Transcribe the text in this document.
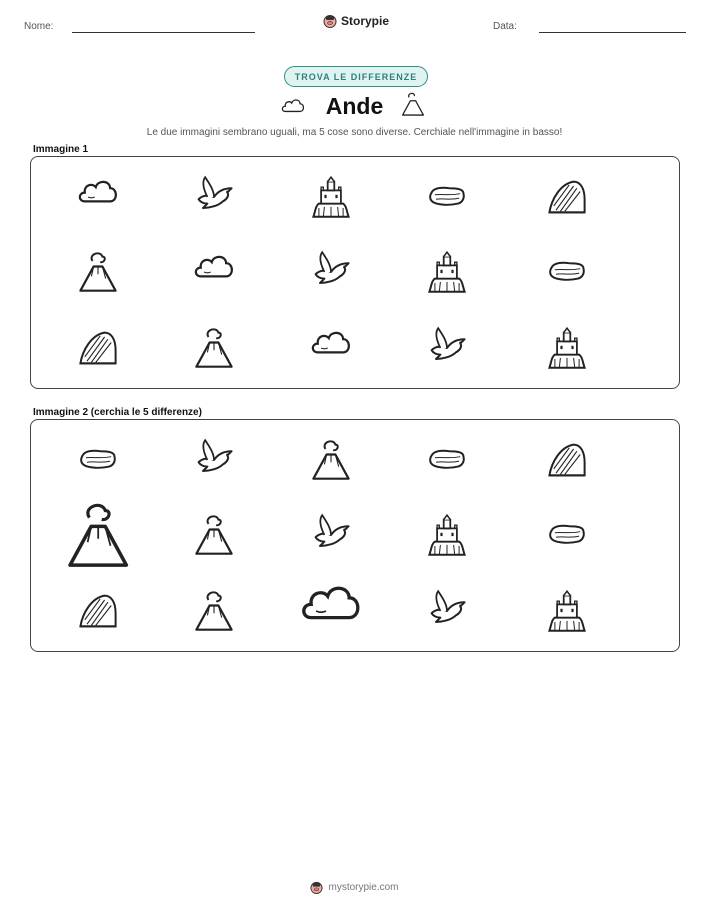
Nome:	Storypie	Data:
TROVA LE DIFFERENZE
Ande
Le due immagini sembrano uguali, ma 5 cose sono diverse. Cerchiale nell'immagine in basso!
Immagine 1
Immagine 2 (cerchia le 5 differenze)
mystorypie.com
